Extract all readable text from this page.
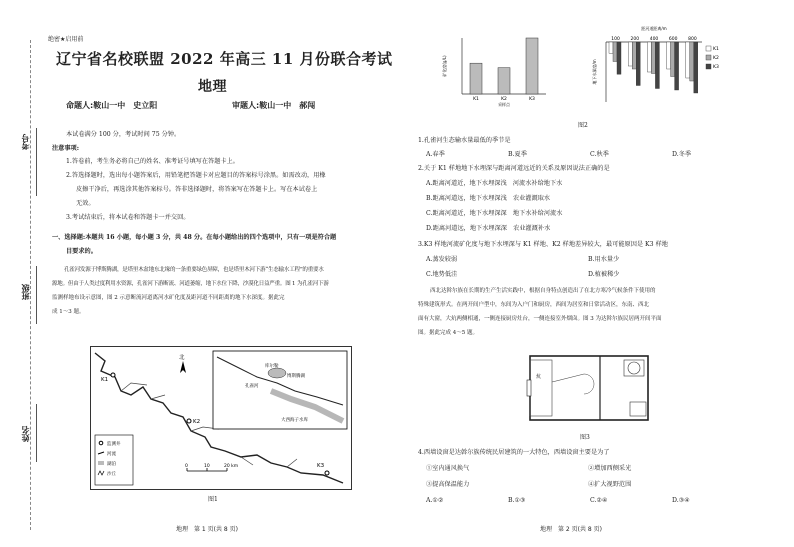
绝密★启用前
辽宁省名校联盟 2022 年高三 11 月份联合考试
地理
命题人:鞍山一中　史立阳	审题人:鞍山一中　郝闯
考号
班级
姓名
本试卷满分 100 分，考试时间 75 分钟。
注意事项:
1.答卷前，考生务必将自己的姓名、准考证号填写在答题卡上。
2.答选择题时，选出每小题答案后，用铅笔把答题卡对应题目的答案标号涂黑。如需改动，用橡
皮擦干净后，再选涂其他答案标号。答非选择题时，将答案写在答题卡上。写在本试卷上
无效。
3.考试结束后，将本试卷和答题卡一并交回。
一、选择题:本题共 16 小题，每小题 3 分，共 48 分。在每小题给出的四个选项中，只有一项是符合题
目要求的。
孔雀河发源于博斯腾湖，是塔里木盆地东北缘的一条重要绿色屏障，也是塔里木河下游“生态输水工程”的重要水
源地。但由于人类过度利用水资源，孔雀河下游断流、河道萎缩，地下水位下降，沙漠化日益严重。图 1 为孔雀河下游
监测样地布设示意图，图 2 示意断流河道离河水矿化度及距河道不同距离的地下水深度。据此完
成 1～3 题。
K1
K2
K3
北
孔雀河
库尔勒
博斯腾湖
大西海子水库
监测井
河流
湖泊
沙丘
0	10	20 km
图1
地理　第 1 页(共 8 页)
矿化度(g/L)
K1	K2	K3
采样点
距河道距离/m
地下水深度/m
100 200 400 600 800
K1
K2
K3
图2
1.孔雀河生态输水量最低的季节是
A.春季	B.夏季	C.秋季	D.冬季
2.关于 K1 样地地下水埋深与距离河道远近的关系及原因说法正确的是
A.距离河道近，地下水埋深浅　河流水补给地下水
B.距离河道远，地下水埋深浅　农业灌溉取水
C.距离河道近，地下水埋深深　地下水补给河流水
D.距离河道远，地下水埋深深　农业灌溉补水
3.K3 样地河流矿化度与地下水埋深与 K1 样地、K2 样地差异较大，最可能原因是 K3 样地
A.蒸发较弱	B.用水量少
C.地势低洼	D.植被稀少
西北达斡尔族在长期的生产生活实践中，根据自身特点创造出了在北方寒冷气候条件下使用的
特殊建筑形式。在两开间户型中，东间为入户门和厨房，西间为居室和日常活动区，东南、西北
面有大窗，大炕两侧相通，一侧连接厨房灶台，一侧连接室外烟囱。图 3 为达斡尔族民居两开间平面
图。据此完成 4～5 题。
炕
图3
4.西墙设窗是达斡尔族传统民居建筑的一大特色，西墙设窗主要是为了
①室内通风换气	②增加西侧采光
③提高保温能力	④扩大视野范围
A.①②	B.①③	C.②④	D.③④
地理　第 2 页(共 8 页)
